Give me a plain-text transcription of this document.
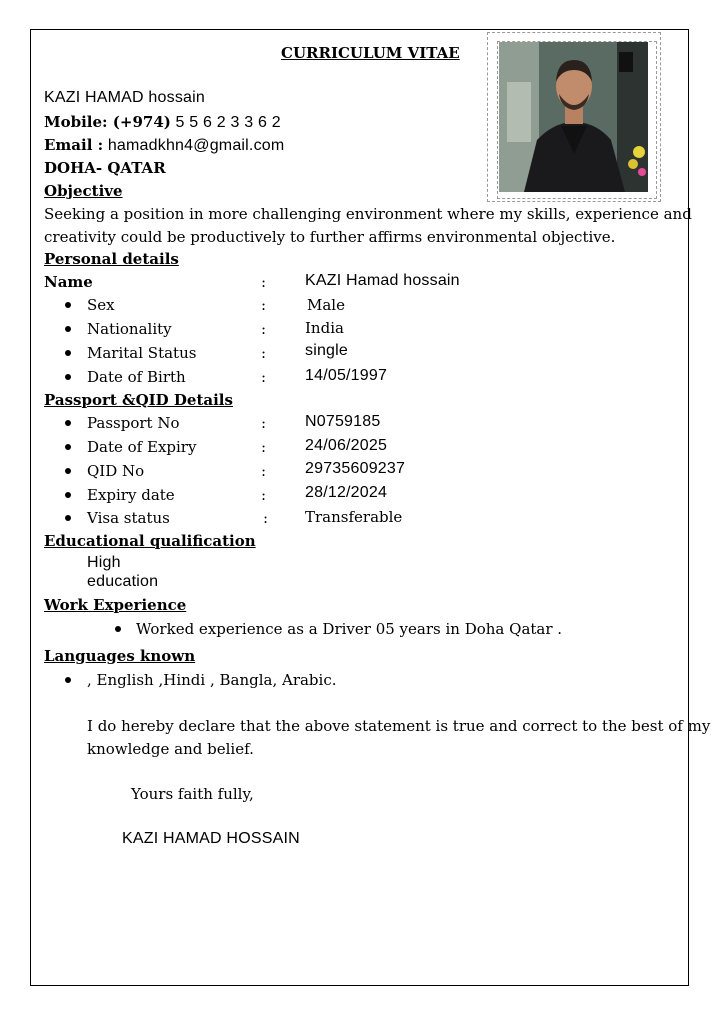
CURRICULUM VITAE
KAZI HAMAD hossain
Mobile: (+974) 5 5 6 2 3 3 6 2
Email : hamadkhn4@gmail.com
DOHA- QATAR
Objective
Seeking a position in more challenging environment where my skills, experience and
creativity could be productively to further affirms environmental objective.
Personal details
Name	: KAZI Hamad hossain
Sex	:	Male
Nationality	:	India
Marital Status	: single
Date of Birth	: 14/05/1997
Passport &QID Details
Passport No	: N0759185
Date of Expiry	: 24/06/2025
QID No	: 29735609237
Expiry date	: 28/12/2024
Visa status	: Transferable
Educational qualification
High
education
Work Experience
Worked experience as a Driver 05 years in Doha Qatar .
Languages known
, English ,Hindi , Bangla, Arabic.
I do hereby declare that the above statement is true and correct to the best of my
knowledge and belief.
Yours faith fully,
KAZI HAMAD HOSSAIN
